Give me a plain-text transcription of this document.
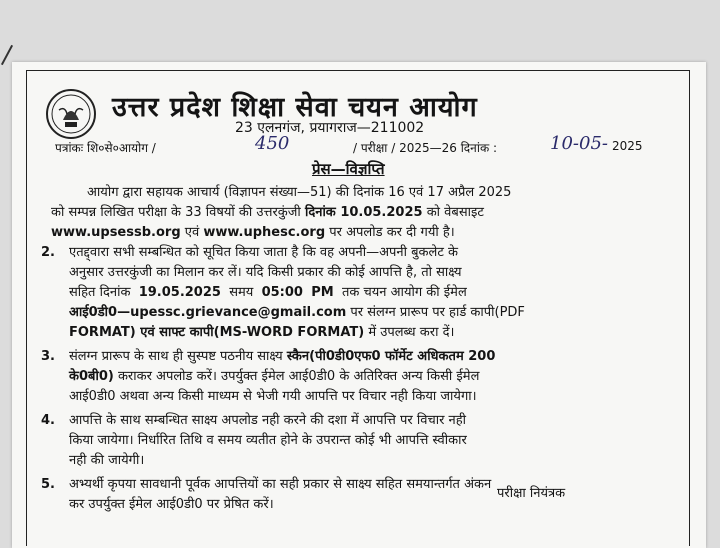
उत्तर प्रदेश शिक्षा सेवा चयन आयोग
23 एलनगंज, प्रयागराज—211002
पत्रांकः शि०से०आयोग /	450	/ परीक्षा / 2025—26 दिनांक :	10-05- 2025
प्रेस—विज्ञप्ति
आयोग द्वारा सहायक आचार्य (विज्ञापन संख्या—51) की दिनांक 16 एवं 17 अप्रैल 2025
को सम्पन्न लिखित परीक्षा के 33 विषयों की उत्तरकुंजी दिनांक 10.05.2025 को वेबसाइट
www.upsessb.org एवं www.uphesc.org पर अपलोड कर दी गयी है।
2. एतद्द्वारा सभी सम्बन्धित को सूचित किया जाता है कि वह अपनी—अपनी बुकलेट के
अनुसार उत्तरकुंजी का मिलान कर लें। यदि किसी प्रकार की कोई आपत्ति है, तो साक्ष्य
सहित दिनांक 19.05.2025 समय 05:00 PM तक चयन आयोग की ईमेल
आई0डी0—upessc.grievance@gmail.com पर संलग्न प्रारूप पर हार्ड कापी(PDF
FORMAT) एवं साफ्ट कापी(MS-WORD FORMAT) में उपलब्ध करा दें।
3. संलग्न प्रारूप के साथ ही सुस्पष्ट पठनीय साक्ष्य स्कैन(पी0डी0एफ0 फॉर्मेट अधिकतम 200
के0बी0) कराकर अपलोड करें। उपर्युक्त ईमेल आई0डी0 के अतिरिक्त अन्य किसी ईमेल
आई0डी0 अथवा अन्य किसी माध्यम से भेजी गयी आपत्ति पर विचार नही किया जायेगा।
4. आपत्ति के साथ सम्बन्धित साक्ष्य अपलोड नही करने की दशा में आपत्ति पर विचार नही
किया जायेगा। निर्धारित तिथि व समय व्यतीत होने के उपरान्त कोई भी आपत्ति स्वीकार
नही की जायेगी।
5. अभ्यर्थी कृपया सावधानी पूर्वक आपत्तियों का सही प्रकार से साक्ष्य सहित समयान्तर्गत अंकन
कर उपर्युक्त ईमेल आई0डी0 पर प्रेषित करें।
परीक्षा नियंत्रक
